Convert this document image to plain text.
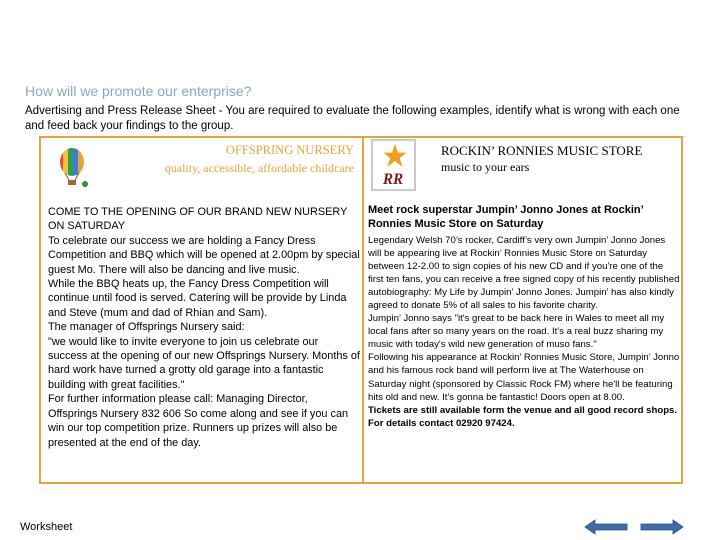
How will we promote our enterprise?
Advertising and Press Release Sheet - You are required to evaluate the following examples, identify what is wrong with each one and feed back your findings to the group.
OFFSPRING NURSERY
quality, accessible, affordable childcare

COME TO THE OPENING OF OUR BRAND NEW NURSERY ON SATURDAY

To celebrate our success we are holding a Fancy Dress Competition and BBQ which will be opened at 2.00pm by special guest Mo. There will also be dancing and live music.

While the BBQ heats up, the Fancy Dress Competition will continue until food is served. Catering will be provide by Linda and Steve (mum and dad of Rhian and Sam).

The manager of Offsprings Nursery said:

"we would like to invite everyone to join us celebrate our success at the opening of our new Offsprings Nursery. Months of hard work have turned a grotty old garage into a fantastic building with great facilities."

For further information please call: Managing Director, Offsprings Nursery 832 606 So come along and see if you can win our top competition prize. Runners up prizes will also be presented at the end of the day.

RR
ROCKIN’ RONNIES MUSIC STORE
music to your ears
Meet rock superstar Jumpin’ Jonno Jones at Rockin’ Ronnies Music Store on Saturday

Legendary Welsh 70’s rocker, Cardiff’s very own Jumpin’ Jonno Jones will be appearing live at Rockin’ Ronnies Music Store on Saturday between 12-2.00 to sign copies of his new CD and if you're one of the first ten fans, you can receive a free signed copy of his recently published autobiography: My Life by Jumpin’ Jonno Jones. Jumpin’ has also kindly agreed to donate 5% of all sales to his favorite charity.

Jumpin’ Jonno says "it's great to be back here in Wales to meet all my local fans after so many years on the road. It's a real buzz sharing my music with today's wild new generation of muso fans."

Following his appearance at Rockin’ Ronnies Music Store, Jumpin’ Jonno and his famous rock band will perform live at The Waterhouse on Saturday night (sponsored by Classic Rock FM) where he'll be featuring hits old and new. It's gonna be fantastic! Doors open at 8.00.

Tickets are still available form the venue and all good record shops. For details contact 02920 97424.

Worksheet
